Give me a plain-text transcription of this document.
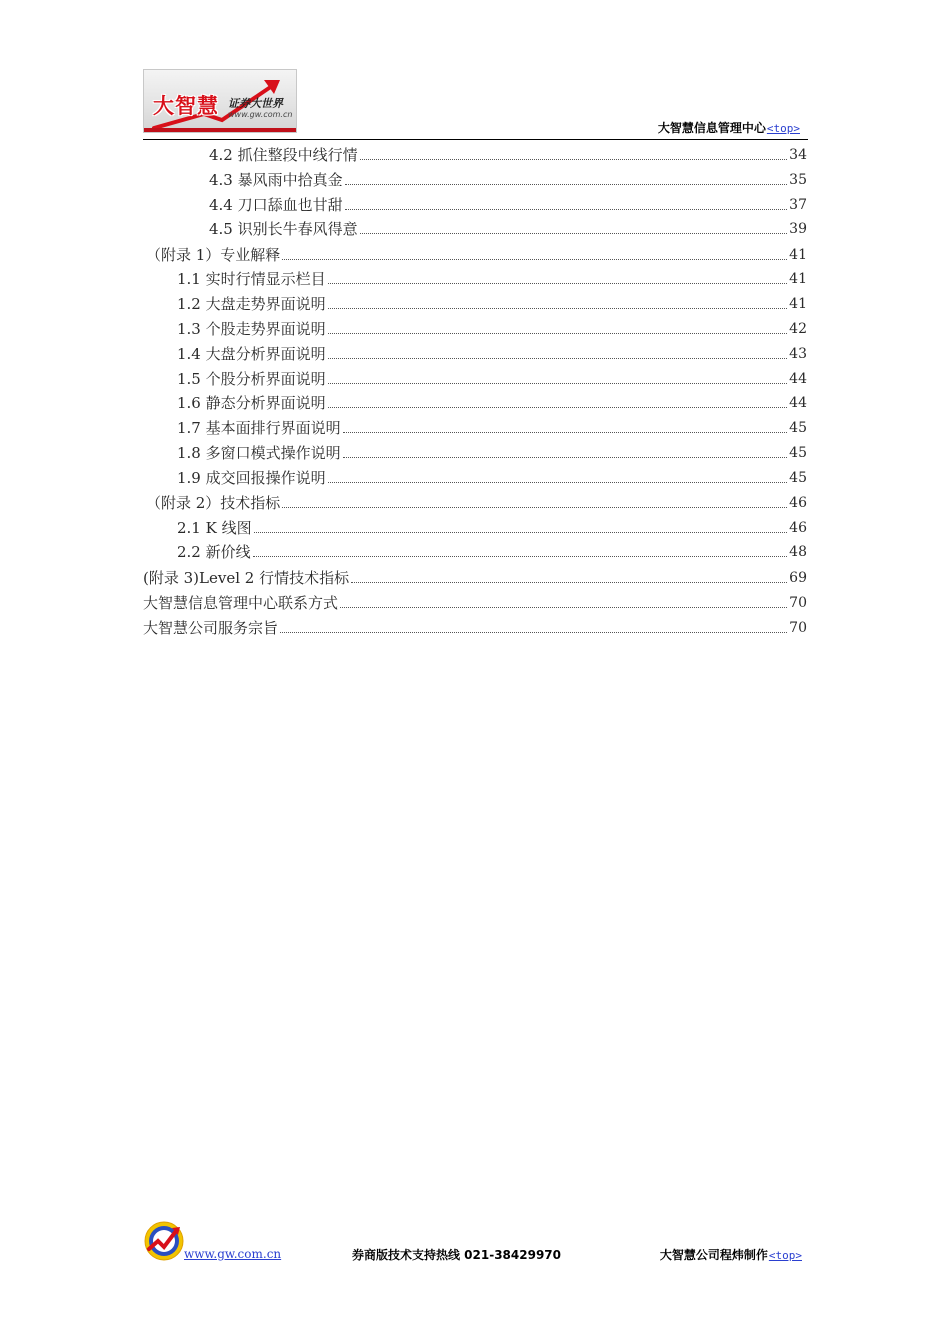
大智慧 证券大世界
www.gw.com.cn
大智慧信息管理中心<top>
4.2 抓住整段中线行情	34
4.3 暴风雨中拾真金	35
4.4 刀口舔血也甘甜	37
4.5 识别长牛春风得意	39
（附录 1）专业解释	41
1.1 实时行情显示栏目	41
1.2 大盘走势界面说明	41
1.3 个股走势界面说明	42
1.4 大盘分析界面说明	43
1.5 个股分析界面说明	44
1.6 静态分析界面说明	44
1.7 基本面排行界面说明	45
1.8 多窗口模式操作说明	45
1.9 成交回报操作说明	45
（附录 2）技术指标	46
2.1 K 线图	46
2.2 新价线	48
(附录 3)Level 2 行情技术指标	69
大智慧信息管理中心联系方式	70
大智慧公司服务宗旨	70
www.gw.com.cn	券商版技术支持热线 021-38429970	大智慧公司程炜制作<top>
